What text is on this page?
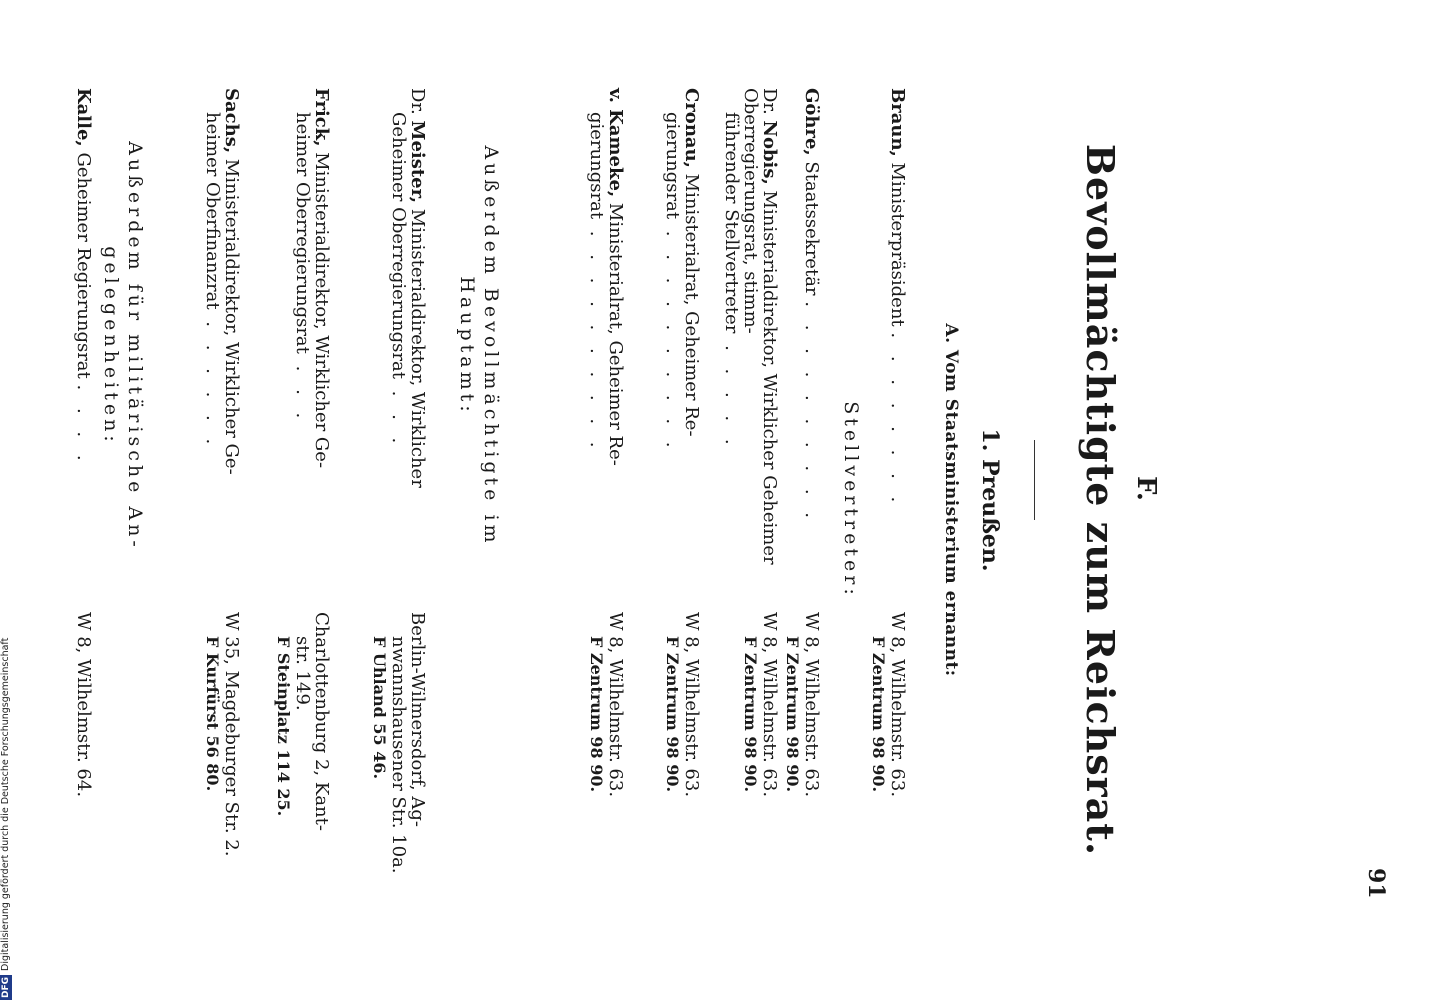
91
F.
Bevollmächtigte zum Reichsrat.
1. Preußen.
A. Vom Staatsministerium ernannt:
Stellvertreter:
Außerdem Bevollmächtigte im
Hauptamt:
Außerdem für militärische An-
gelegenheiten:
Braun, Ministerpräsident . . . . . . . .
W 8, Wilhelmstr. 63.
F Zentrum 98 90.
Göhre, Staatssekretär . . . . . . . . . .
W 8, Wilhelmstr. 63.
F Zentrum 98 90.
Dr. Nobis, Ministerialdirektor, Wirklicher Geheimer Oberregierungsrat, stimm-
führender Stellvertreter . . . . .
W 8, Wilhelmstr. 63.
F Zentrum 98 90.
Cronau, Ministerialrat, Geheimer Re-
gierungsrat . . . . . . . . . .
W 8, Wilhelmstr. 63.
F Zentrum 98 90.
v. Kameke, Ministerialrat, Geheimer Re-
gierungsrat . . . . . . . . . .
W 8, Wilhelmstr. 63.
F Zentrum 98 90.
Dr. Meister, Ministerialdirektor, Wirklicher
Geheimer Oberregierungsrat . . .
Berlin-Wilmersdorf, Ag-
nwannshausener Str. 10a.
F Uhland 55 46.
Frick, Ministerialdirektor, Wirklicher Ge-
heimer Oberregierungsrat . . .
Charlottenburg 2, Kant-
str. 149.
F Steinplatz 114 25.
Sachs, Ministerialdirektor, Wirklicher Ge-
heimer Oberfinanzrat . . . . . .
W 35, Magdeburger Str. 2.
F Kurfürst 56 80.
Kalle, Geheimer Regierungsrat . . . .
W 8, Wilhelmstr. 64.
DFGDigitalisierung gefördert durch die Deutsche Forschungsgemeinschaft
